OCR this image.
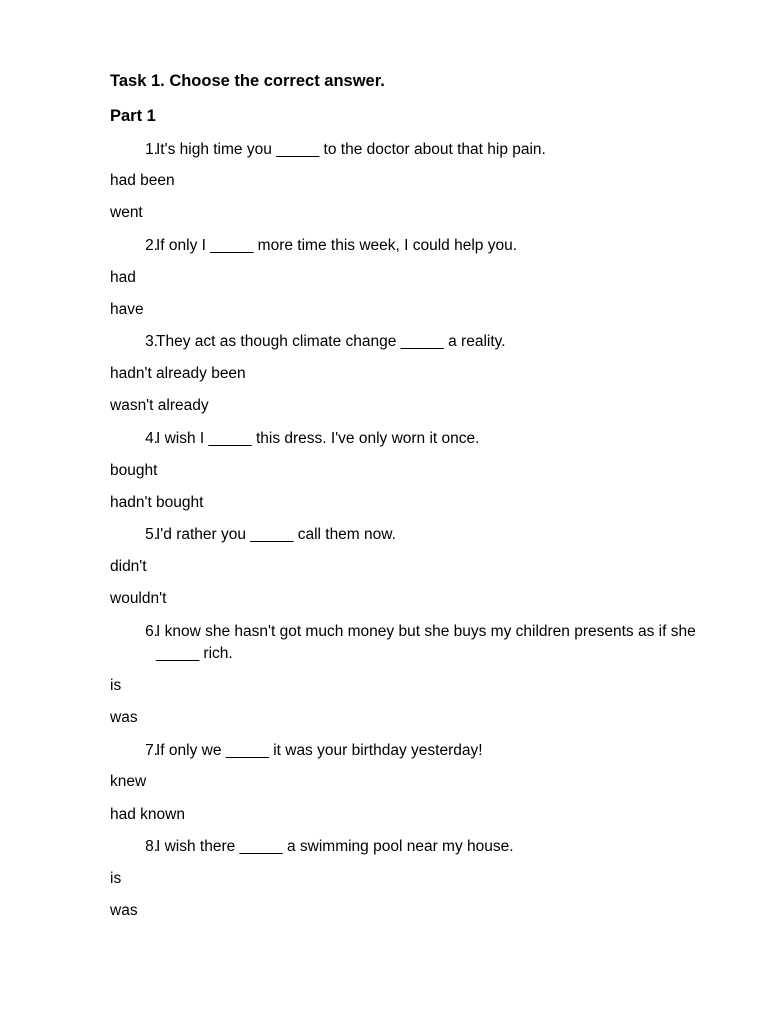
Task 1. Choose the correct answer.
Part 1
1.
It's high time you _____ to the doctor about that hip pain.
had been
went
2.
If only I _____ more time this week, I could help you.
had
have
3.
They act as though climate change _____ a reality.
hadn't already been
wasn't already
4.
I wish I _____ this dress. I've only worn it once.
bought
hadn't bought
5.
I'd rather you _____ call them now.
didn't
wouldn't
6.
I know she hasn't got much money but she buys my children presents as if she _____ rich.
is
was
7.
If only we _____ it was your birthday yesterday!
knew
had known
8.
I wish there _____ a swimming pool near my house.
is
was
